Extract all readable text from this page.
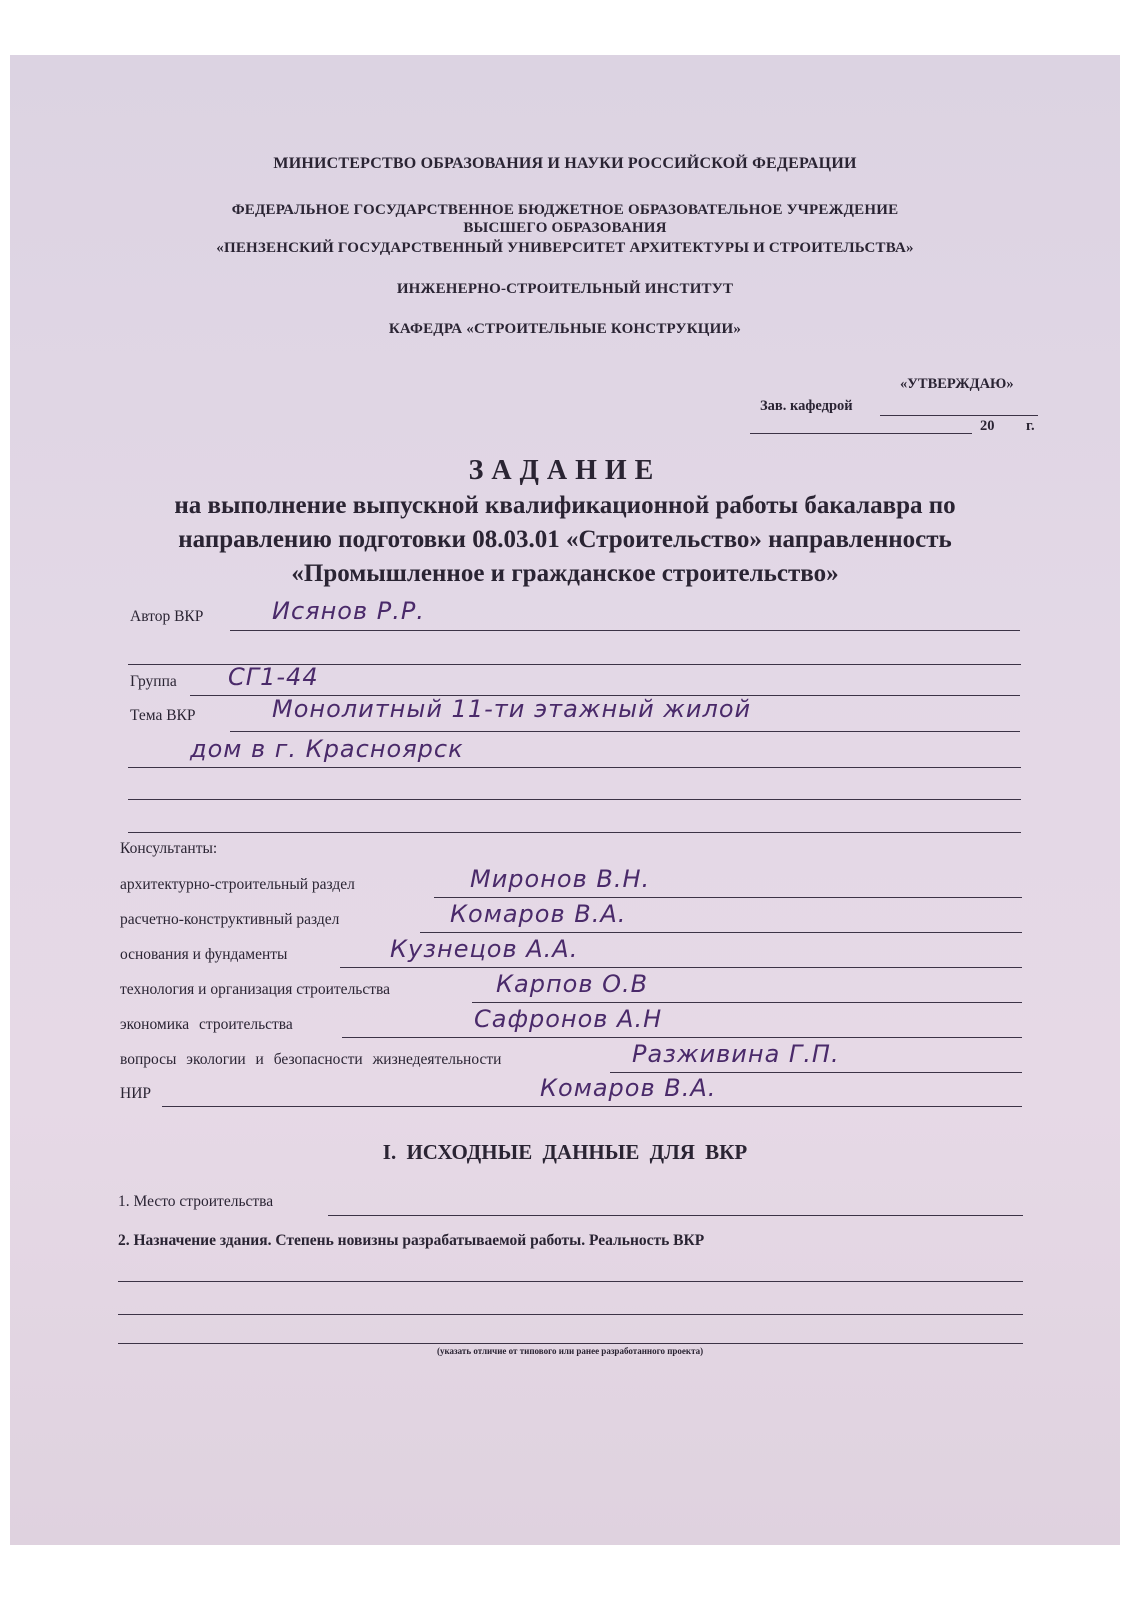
МИНИСТЕРСТВО ОБРАЗОВАНИЯ И НАУКИ РОССИЙСКОЙ ФЕДЕРАЦИИ
ФЕДЕРАЛЬНОЕ ГОСУДАРСТВЕННОЕ БЮДЖЕТНОЕ ОБРАЗОВАТЕЛЬНОЕ УЧРЕЖДЕНИЕ
ВЫСШЕГО ОБРАЗОВАНИЯ
«ПЕНЗЕНСКИЙ ГОСУДАРСТВЕННЫЙ УНИВЕРСИТЕТ АРХИТЕКТУРЫ И СТРОИТЕЛЬСТВА»
ИНЖЕНЕРНО-СТРОИТЕЛЬНЫЙ ИНСТИТУТ
КАФЕДРА «СТРОИТЕЛЬНЫЕ КОНСТРУКЦИИ»
«УТВЕРЖДАЮ»
Зав. кафедрой
20 г.
ЗАДАНИЕ
на выполнение выпускной квалификационной работы бакалавра по
направлению подготовки 08.03.01 «Строительство» направленность
«Промышленное и гражданское строительство»
Автор ВКР	Исянов Р.Р.
Группа СГ1-44
Тема ВКР	Монолитный 11-ти этажный жилой
дом в г. Красноярск
Консультанты:
архитектурно-строительный раздел	Миронов В.Н.
расчетно-конструктивный раздел	Комаров В.А.
основания и фундаменты	Кузнецов А.А.
технология и организация строительства	Карпов О.В
экономика строительства	Сафронов А.Н
вопросы экологии и безопасности жизнедеятельности	Разживина Г.П.
НИР	Комаров В.А.
I. ИСХОДНЫЕ ДАННЫЕ ДЛЯ ВКР
1. Место строительства
2. Назначение здания. Степень новизны разрабатываемой работы. Реальность ВКР
(указать отличие от типового или ранее разработанного проекта)
